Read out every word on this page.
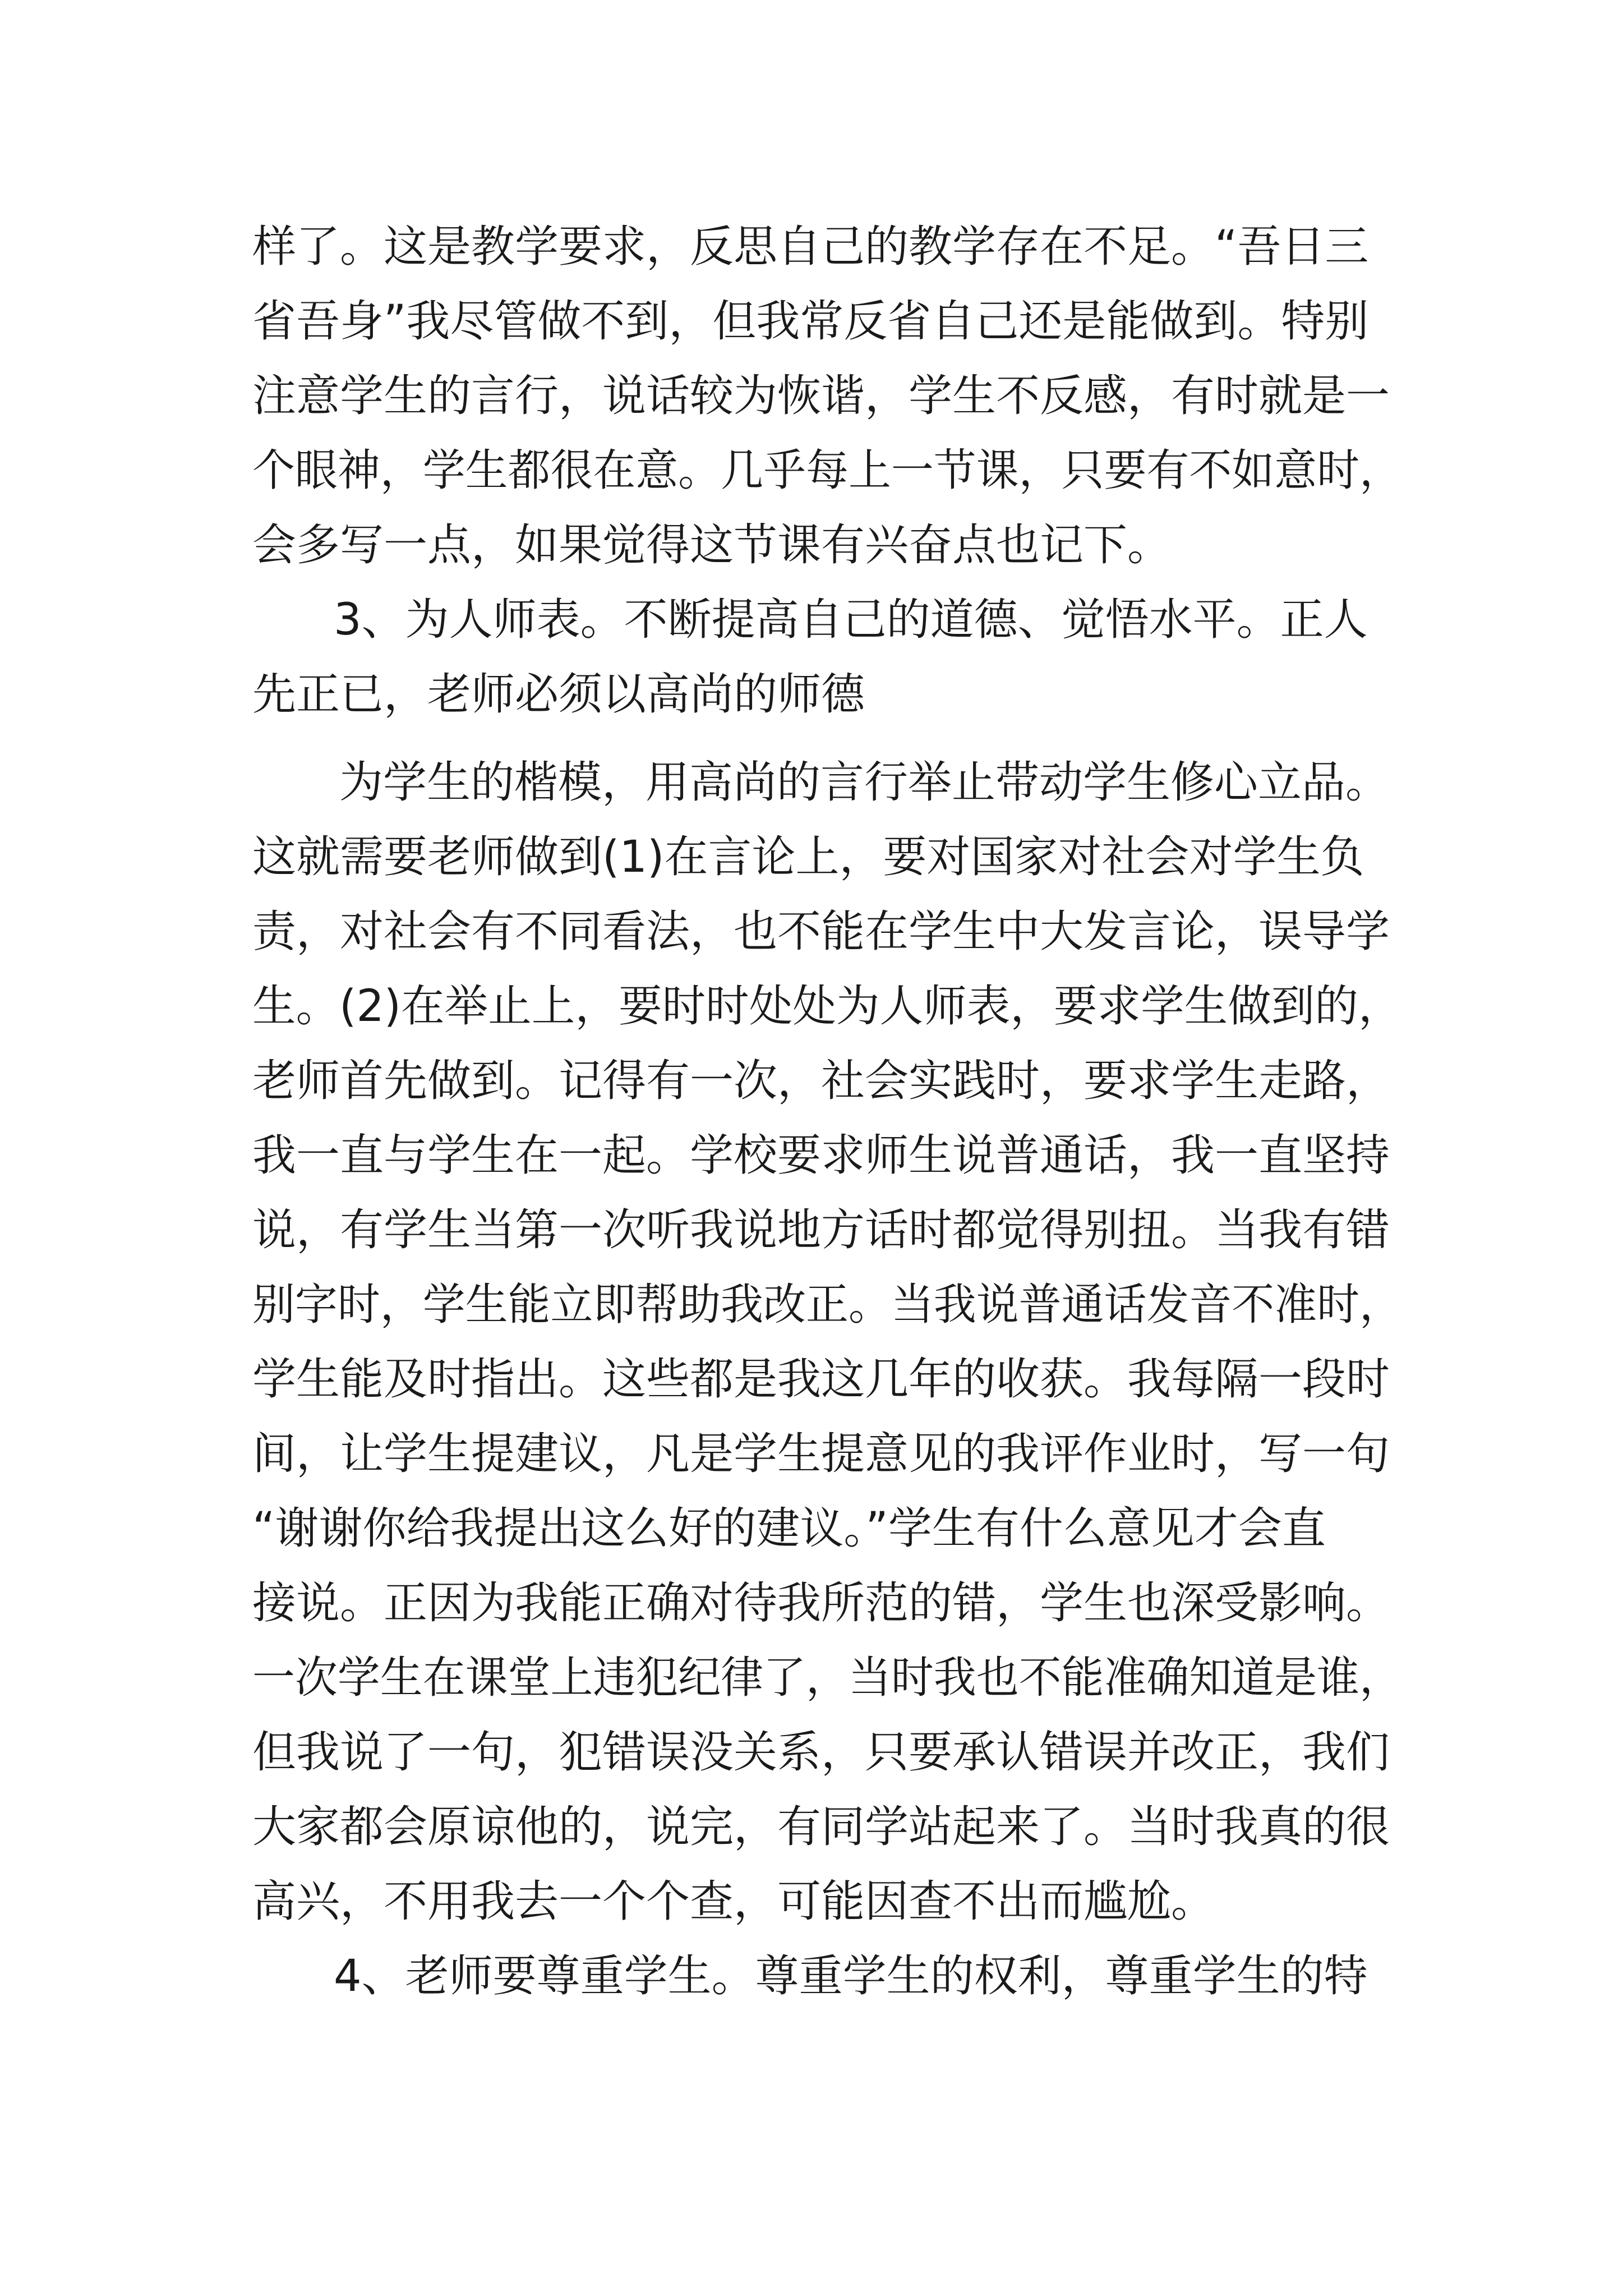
样了。这是教学要求，反思自己的教学存在不足。“吾日三
省吾身”我尽管做不到，但我常反省自己还是能做到。特别
注意学生的言行，说话较为恢谐，学生不反感，有时就是一
个眼神，学生都很在意。几乎每上一节课，只要有不如意时，
会多写一点，如果觉得这节课有兴奋点也记下。
3、为人师表。不断提高自己的道德、觉悟水平。正人
先正已，老师必须以高尚的师德
为学生的楷模，用高尚的言行举止带动学生修心立品。
这就需要老师做到(1)在言论上，要对国家对社会对学生负
责，对社会有不同看法，也不能在学生中大发言论，误导学
生。(2)在举止上，要时时处处为人师表，要求学生做到的，
老师首先做到。记得有一次，社会实践时，要求学生走路，
我一直与学生在一起。学校要求师生说普通话，我一直坚持
说，有学生当第一次听我说地方话时都觉得别扭。当我有错
别字时，学生能立即帮助我改正。当我说普通话发音不准时，
学生能及时指出。这些都是我这几年的收获。我每隔一段时
间，让学生提建议，凡是学生提意见的我评作业时，写一句
“谢谢你给我提出这么好的建议。”学生有什么意见才会直
接说。正因为我能正确对待我所范的错，学生也深受影响。
一次学生在课堂上违犯纪律了，当时我也不能准确知道是谁，
但我说了一句，犯错误没关系，只要承认错误并改正，我们
大家都会原谅他的，说完，有同学站起来了。当时我真的很
高兴，不用我去一个个查，可能因查不出而尴尬。
4、老师要尊重学生。尊重学生的权利，尊重学生的特
